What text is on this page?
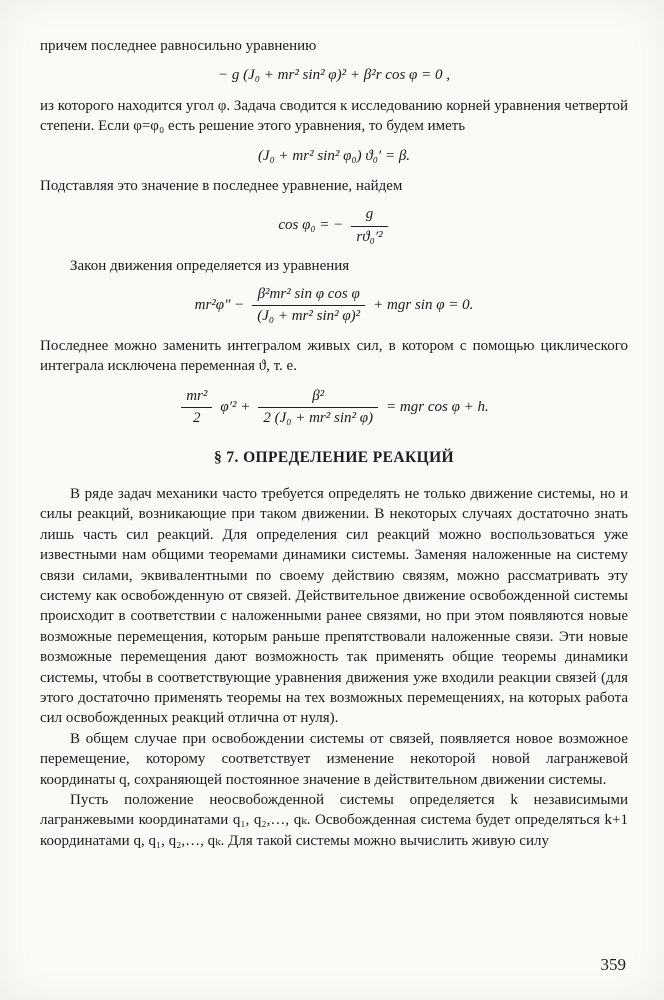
причем последнее равносильно уравнению

− g (J₀ + mr² sin² φ)² + β²r cos φ = 0 ,

из которого находится угол φ. Задача сводится к исследованию корней уравнения четвертой степени. Если φ=φ₀ есть решение этого уравнения, то будем иметь

(J₀ + mr² sin² φ₀) ϑ₀′ = β.

Подставляя это значение в последнее уравнение, найдем

cos φ₀ = − $\frac{g}{\text{rϑ₀′²}}$

Закон движения определяется из уравнения

$mr^2\varphi'' - \frac{\text{β²mr² sin φ cos φ}}{\text{(J₀ + mr² sin² φ)²}}$ + mgr sin φ = 0.

Последнее можно заменить интегралом живых сил, в котором с помощью циклического интеграла исключена переменная ϑ, т. е.

$\frac{\text{mr²}}{2} \varphi'^2 + \frac{\text{β²}}{\text{2 (J₀ + mr² sin² φ)}}$ = mgr cos φ + h.
§ 7. ОПРЕДЕЛЕНИЕ РЕАКЦИЙ

В ряде задач механики часто требуется определять не только движение системы, но и силы реакций, возникающие при таком движении. В некоторых случаях достаточно знать лишь часть сил реакций. Для определения сил реакций можно воспользоваться уже известными нам общими теоремами динамики системы. Заменяя наложенные на систему связи силами, эквивалентными по своему действию связям, можно рассматривать эту систему как освобожденную от связей. Действительное движение освобожденной системы происходит в соответствии с наложенными ранее связями, но при этом появляются новые возможные перемещения, которым раньше препятствовали наложенные связи. Эти новые возможные перемещения дают возможность так применять общие теоремы динамики системы, чтобы в соответствующие уравнения движения уже входили реакции связей (для этого достаточно применять теоремы на тех возможных перемещениях, на которых работа сил освобожденных реакций отлична от нуля).

В общем случае при освобождении системы от связей, появляется новое возможное перемещение, которому соответствует изменение некоторой новой лагранжевой координаты q, сохраняющей постоянное значение в действительном движении системы.

Пусть положение неосвобожденной системы определяется k независимыми лагранжевыми координатами q₁, q₂,…, qₖ. Освобожденная система будет определяться k+1 координатами q, q₁, q₂,…, qₖ. Для такой системы можно вычислить живую силу

359
